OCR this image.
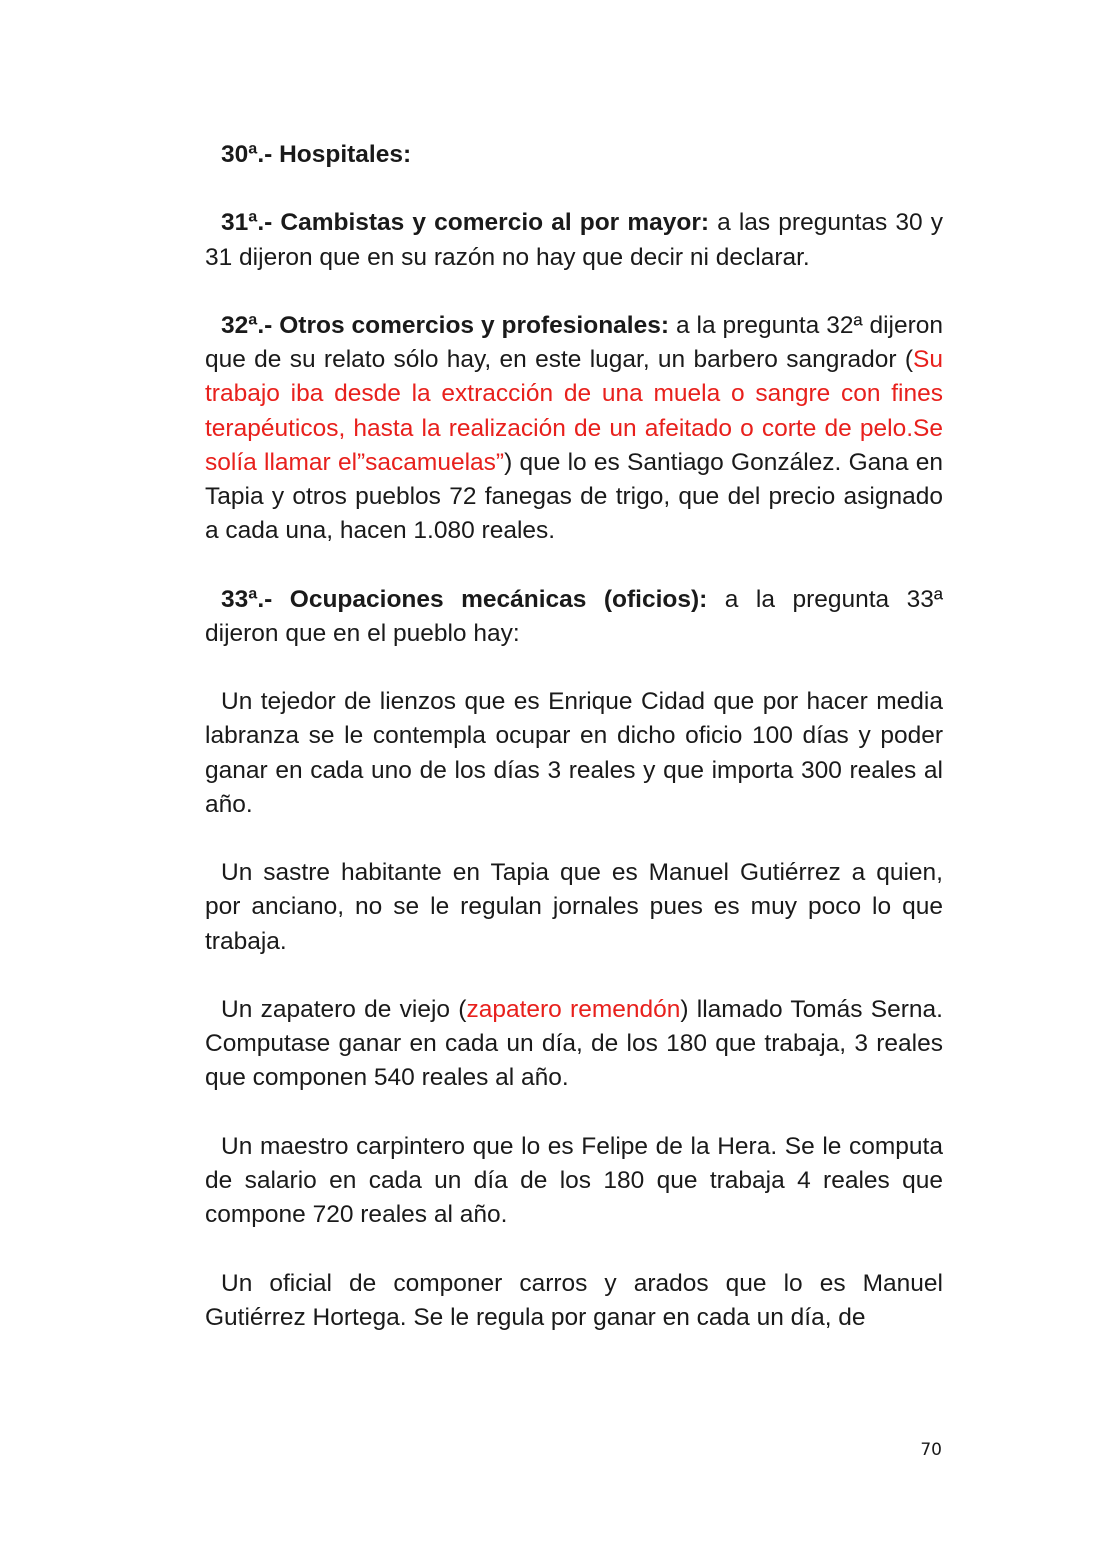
30ª.- Hospitales:

31ª.- Cambistas y comercio al por mayor: a las preguntas 30 y 31 dijeron que en su razón no hay que decir ni declarar.

32ª.- Otros comercios y profesionales: a la pregunta 32ª dijeron que de su relato sólo hay, en este lugar, un barbero sangrador (Su trabajo iba desde la extracción de una muela o sangre con fines terapéuticos, hasta la realización de un afeitado o corte de pelo.Se solía llamar el”sacamuelas”) que lo es Santiago González. Gana en Tapia y otros pueblos 72 fanegas de trigo, que del precio asignado a cada una, hacen 1.080 reales.

33ª.- Ocupaciones mecánicas (oficios): a la pregunta 33ª dijeron que en el pueblo hay:

Un tejedor de lienzos que es Enrique Cidad que por hacer media labranza se le contempla ocupar en dicho oficio 100 días y poder ganar en cada uno de los días 3 reales y que importa 300 reales al año.

Un sastre habitante en Tapia que es Manuel Gutiérrez a quien, por anciano, no se le regulan jornales pues es muy poco lo que trabaja.

Un zapatero de viejo (zapatero remendón) llamado Tomás Serna. Computase ganar en cada un día, de los 180 que trabaja, 3 reales que componen 540 reales al año.

Un maestro carpintero que lo es Felipe de la Hera. Se le computa de salario en cada un día de los 180 que trabaja 4 reales que compone 720 reales al año.

Un oficial de componer carros y arados que lo es Manuel Gutiérrez Hortega. Se le regula por ganar en cada un día, de

70
